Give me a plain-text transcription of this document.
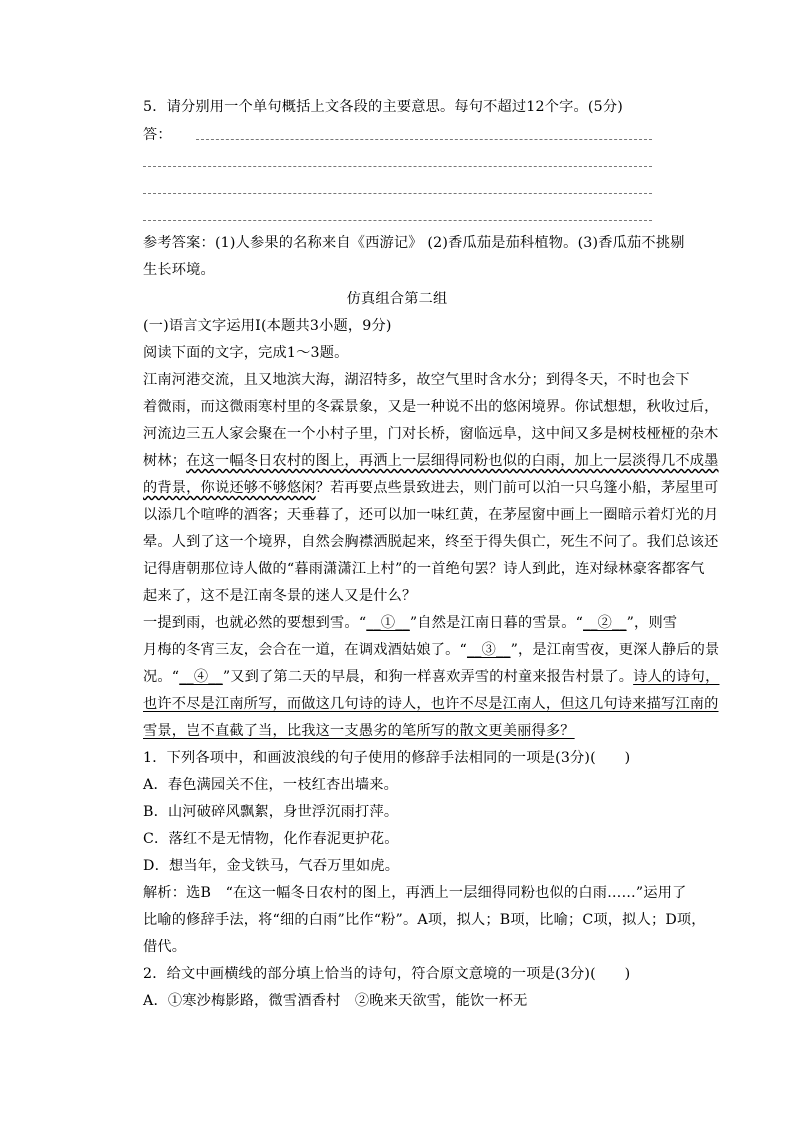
5．请分别用一个单句概括上文各段的主要意思。每句不超过12个字。(5分)
答：
参考答案：(1)人参果的名称来自《西游记》 (2)香瓜茄是茄科植物。(3)香瓜茄不挑剔
生长环境。
仿真组合第二组
(一)语言文字运用Ⅰ(本题共3小题，9分)
阅读下面的文字，完成1～3题。
江南河港交流，且又地滨大海，湖沼特多，故空气里时含水分；到得冬天，不时也会下
着微雨，而这微雨寒村里的冬霖景象，又是一种说不出的悠闲境界。你试想想，秋收过后，
河流边三五人家会聚在一个小村子里，门对长桥，窗临远阜，这中间又多是树枝桠桠的杂木
树林；在这一幅冬日农村的图上，再洒上一层细得同粉也似的白雨，加上一层淡得几不成墨
的背景，你说还够不够悠闲？若再要点些景致进去，则门前可以泊一只乌篷小船，茅屋里可
以添几个喧哗的酒客；天垂暮了，还可以加一味红黄，在茅屋窗中画上一圈暗示着灯光的月
晕。人到了这一个境界，自然会胸襟洒脱起来，终至于得失俱亡，死生不问了。我们总该还
记得唐朝那位诗人做的“暮雨潇潇江上村”的一首绝句罢？诗人到此，连对绿林豪客都客气
起来了，这不是江南冬景的迷人又是什么？
一提到雨，也就必然的要想到雪。“__①__”自然是江南日暮的雪景。“__②__”，则雪
月梅的冬宵三友，会合在一道，在调戏酒姑娘了。“__③__”，是江南雪夜，更深人静后的景
况。“__④__”又到了第二天的早晨，和狗一样喜欢弄雪的村童来报告村景了。诗人的诗句，
也许不尽是江南所写，而做这几句诗的诗人，也许不尽是江南人，但这几句诗来描写江南的
雪景，岂不直截了当，比我这一支愚劣的笔所写的散文更美丽得多？
1．下列各项中，和画波浪线的句子使用的修辞手法相同的一项是(3分)(　　)
A．春色满园关不住，一枝红杏出墙来。
B．山河破碎风飘絮，身世浮沉雨打萍。
C．落红不是无情物，化作春泥更护花。
D．想当年，金戈铁马，气吞万里如虎。
解析：选B　“在这一幅冬日农村的图上，再洒上一层细得同粉也似的白雨……”运用了
比喻的修辞手法，将“细的白雨”比作“粉”。A项，拟人；B项，比喻；C项，拟人；D项，
借代。
2．给文中画横线的部分填上恰当的诗句，符合原文意境的一项是(3分)(　　)
A．①寒沙梅影路，微雪酒香村　②晚来天欲雪，能饮一杯无
